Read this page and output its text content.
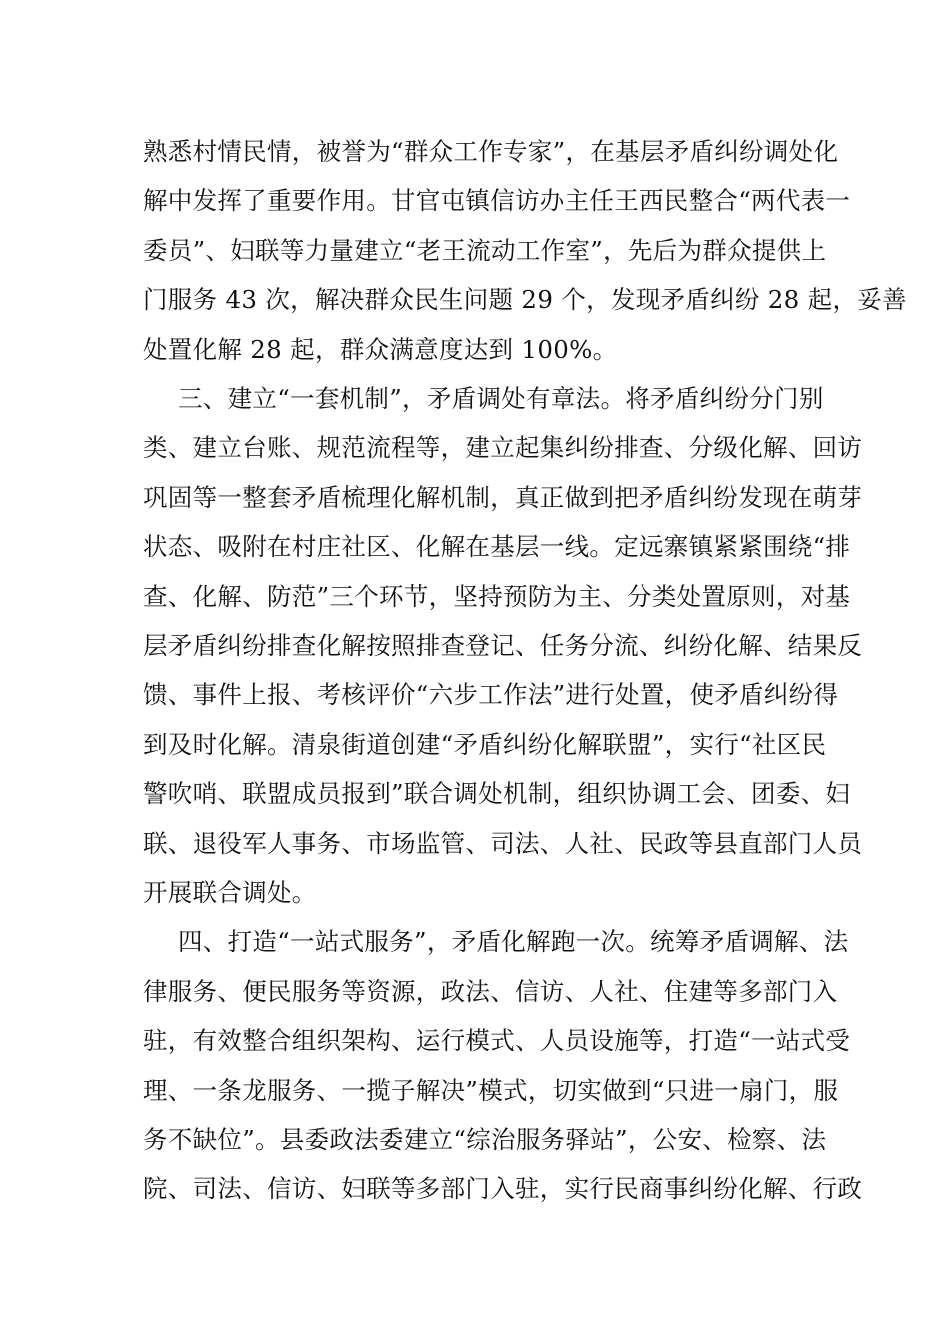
熟悉村情民情，被誉为“群众工作专家”，在基层矛盾纠纷调处化
解中发挥了重要作用。甘官屯镇信访办主任王西民整合“两代表一
委员”、妇联等力量建立“老王流动工作室”，先后为群众提供上
门服务 43 次，解决群众民生问题 29 个，发现矛盾纠纷 28 起，妥善
处置化解 28 起，群众满意度达到 100%。
三、建立“一套机制”，矛盾调处有章法。将矛盾纠纷分门别
类、建立台账、规范流程等，建立起集纠纷排查、分级化解、回访
巩固等一整套矛盾梳理化解机制，真正做到把矛盾纠纷发现在萌芽
状态、吸附在村庄社区、化解在基层一线。定远寨镇紧紧围绕“排
查、化解、防范”三个环节，坚持预防为主、分类处置原则，对基
层矛盾纠纷排查化解按照排查登记、任务分流、纠纷化解、结果反
馈、事件上报、考核评价“六步工作法”进行处置，使矛盾纠纷得
到及时化解。清泉街道创建“矛盾纠纷化解联盟”，实行“社区民
警吹哨、联盟成员报到”联合调处机制，组织协调工会、团委、妇
联、退役军人事务、市场监管、司法、人社、民政等县直部门人员
开展联合调处。
四、打造“一站式服务”，矛盾化解跑一次。统筹矛盾调解、法
律服务、便民服务等资源，政法、信访、人社、住建等多部门入
驻，有效整合组织架构、运行模式、人员设施等，打造“一站式受
理、一条龙服务、一揽子解决”模式，切实做到“只进一扇门，服
务不缺位”。县委政法委建立“综治服务驿站”，公安、检察、法
院、司法、信访、妇联等多部门入驻，实行民商事纠纷化解、行政
